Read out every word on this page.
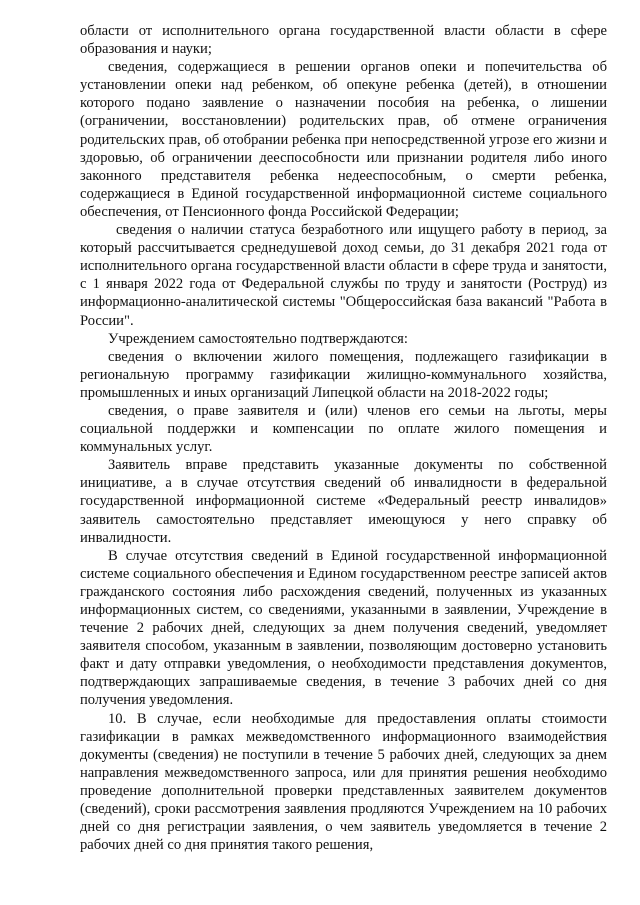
области от исполнительного органа государственной власти области в сфере образования и науки;

сведения, содержащиеся в решении органов опеки и попечительства об установлении опеки над ребенком, об опекуне ребенка (детей), в отношении которого подано заявление о назначении пособия на ребенка, о лишении (ограничении, восстановлении) родительских прав, об отмене ограничения родительских прав, об отобрании ребенка при непосредственной угрозе его жизни и здоровью, об ограничении дееспособности или признании родителя либо иного законного представителя ребенка недееспособным, о смерти ребенка, содержащиеся в Единой государственной информационной системе социального обеспечения, от Пенсионного фонда Российской Федерации;

сведения о наличии статуса безработного или ищущего работу в период, за который рассчитывается среднедушевой доход семьи, до 31 декабря 2021 года от исполнительного органа государственной власти области в сфере труда и занятости, с 1 января 2022 года от Федеральной службы по труду и занятости (Роструд) из информационно-аналитической системы "Общероссийская база вакансий "Работа в России".

Учреждением самостоятельно подтверждаются:

сведения о включении жилого помещения, подлежащего газификации в региональную программу газификации жилищно-коммунального хозяйства, промышленных и иных организаций Липецкой области на 2018-2022 годы;

сведения, о праве заявителя и (или) членов его семьи на льготы, меры социальной поддержки и компенсации по оплате жилого помещения и коммунальных услуг.

Заявитель вправе представить указанные документы по собственной инициативе, а в случае отсутствия сведений об инвалидности в федеральной государственной информационной системе «Федеральный реестр инвалидов» заявитель самостоятельно представляет имеющуюся у него справку об инвалидности.

В случае отсутствия сведений в Единой государственной информационной системе социального обеспечения и Едином государственном реестре записей актов гражданского состояния либо расхождения сведений, полученных из указанных информационных систем, со сведениями, указанными в заявлении, Учреждение в течение 2 рабочих дней, следующих за днем получения сведений, уведомляет заявителя способом, указанным в заявлении, позволяющим достоверно установить факт и дату отправки уведомления, о необходимости представления документов, подтверждающих запрашиваемые сведения, в течение 3 рабочих дней со дня получения уведомления.

10. В случае, если необходимые для предоставления оплаты стоимости газификации в рамках межведомственного информационного взаимодействия документы (сведения) не поступили в течение 5 рабочих дней, следующих за днем направления межведомственного запроса, или для принятия решения необходимо проведение дополнительной проверки представленных заявителем документов (сведений), сроки рассмотрения заявления продляются Учреждением на 10 рабочих дней со дня регистрации заявления, о чем заявитель уведомляется в течение 2 рабочих дней со дня принятия такого решения,
